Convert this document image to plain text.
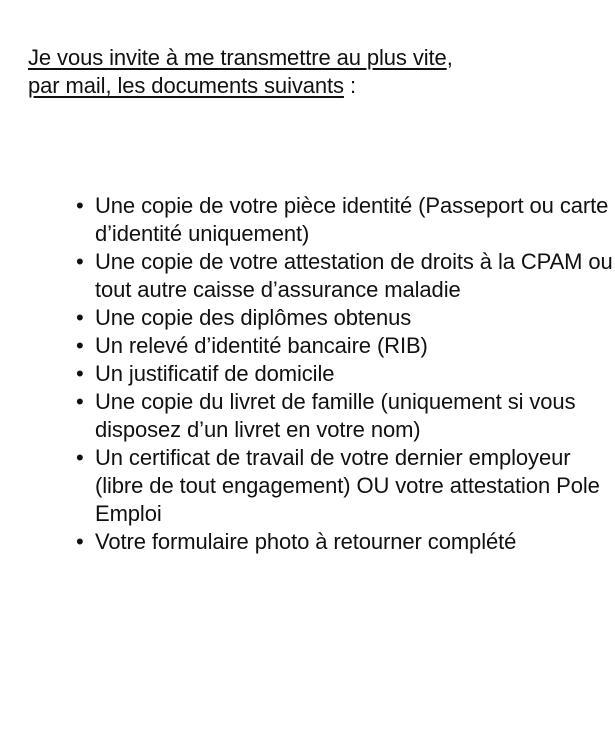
Je vous invite à me transmettre au plus vite,
par mail, les documents suivants :

• Une copie de votre pièce identité (Passeport ou carte d’identité uniquement)
• Une copie de votre attestation de droits à la CPAM ou tout autre caisse d’assurance maladie
• Une copie des diplômes obtenus
• Un relevé d’identité bancaire (RIB)
• Un justificatif de domicile
• Une copie du livret de famille (uniquement si vous disposez d’un livret en votre nom)
• Un certificat de travail de votre dernier employeur (libre de tout engagement) OU votre attestation Pole Emploi
• Votre formulaire photo à retourner complété
